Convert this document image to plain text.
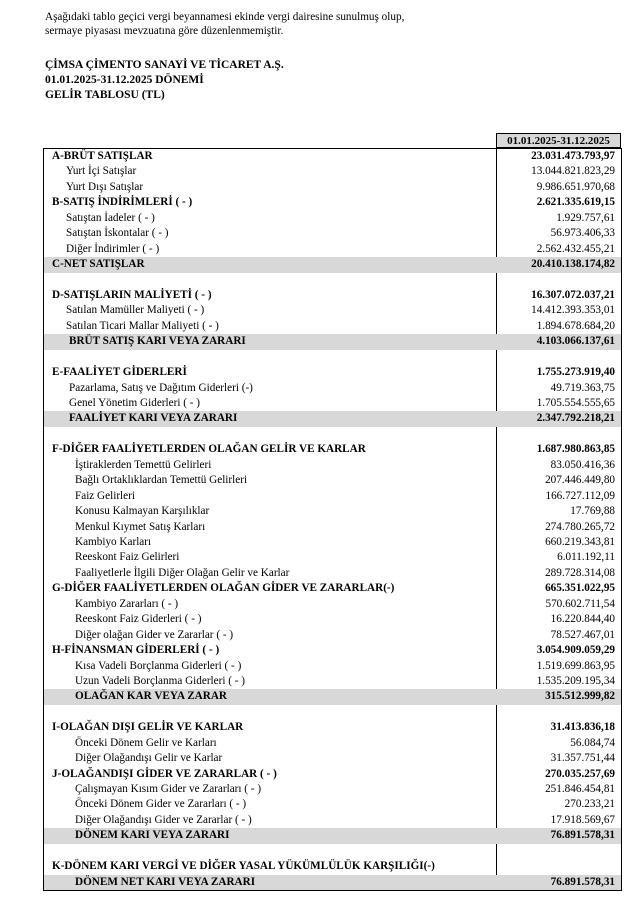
Aşağıdaki tablo geçici vergi beyannamesi ekinde vergi dairesine sunulmuş olup,
sermaye piyasası mevzuatına göre düzenlenmemiştir.
ÇİMSA ÇİMENTO SANAYİ VE TİCARET A.Ş.
01.01.2025-31.12.2025 DÖNEMİ
GELİR TABLOSU (TL)
01.01.2025-31.12.2025
A-BRÜT SATIŞLAR	23.031.473.793,97
Yurt İçi Satışlar	13.044.821.823,29
Yurt Dışı Satışlar	9.986.651.970,68
B-SATIŞ İNDİRİMLERİ ( - )	2.621.335.619,15
Satıştan İadeler ( - )	1.929.757,61
Satıştan İskontalar ( - )	56.973.406,33
Diğer İndirimler ( - )	2.562.432.455,21
C-NET SATIŞLAR	20.410.138.174,82
D-SATIŞLARIN MALİYETİ ( - )	16.307.072.037,21
Satılan Mamüller Maliyeti ( - )	14.412.393.353,01
Satılan Ticari Mallar Maliyeti ( - )	1.894.678.684,20
BRÜT SATIŞ KARI VEYA ZARARI	4.103.066.137,61
E-FAALİYET GİDERLERİ	1.755.273.919,40
Pazarlama, Satış ve Dağıtım Giderleri (-)	49.719.363,75
Genel Yönetim Giderleri ( - )	1.705.554.555,65
FAALİYET KARI VEYA ZARARI	2.347.792.218,21
F-DİĞER FAALİYETLERDEN OLAĞAN GELİR VE KARLAR	1.687.980.863,85
İştiraklerden Temettü Gelirleri	83.050.416,36
Bağlı Ortaklıklardan Temettü Gelirleri	207.446.449,80
Faiz Gelirleri	166.727.112,09
Konusu Kalmayan Karşılıklar	17.769,88
Menkul Kıymet Satış Karları	274.780.265,72
Kambiyo Karları	660.219.343,81
Reeskont Faiz Gelirleri	6.011.192,11
Faaliyetlerle İlgili Diğer Olağan Gelir ve Karlar	289.728.314,08
G-DİĞER FAALİYETLERDEN OLAĞAN GİDER VE ZARARLAR(-)	665.351.022,95
Kambiyo Zararları ( - )	570.602.711,54
Reeskont Faiz Giderleri ( - )	16.220.844,40
Diğer olağan Gider ve Zararlar ( - )	78.527.467,01
H-FİNANSMAN GİDERLERİ ( - )	3.054.909.059,29
Kısa Vadeli Borçlanma Giderleri ( - )	1.519.699.863,95
Uzun Vadeli Borçlanma Giderleri ( - )	1.535.209.195,34
OLAĞAN KAR VEYA ZARAR	315.512.999,82
I-OLAĞAN DIŞI GELİR VE KARLAR	31.413.836,18
Önceki Dönem Gelir ve Karları	56.084,74
Diğer Olağandışı Gelir ve Karlar	31.357.751,44
J-OLAĞANDIŞI GİDER VE ZARARLAR ( - )	270.035.257,69
Çalışmayan Kısım Gider ve Zararları ( - )	251.846.454,81
Önceki Dönem Gider ve Zararları ( - )	270.233,21
Diğer Olağandışı Gider ve Zararlar ( - )	17.918.569,67
DÖNEM KARI VEYA ZARARI	76.891.578,31
K-DÖNEM KARI VERGİ VE DİĞER YASAL YÜKÜMLÜLÜK KARŞILIĞI(-)
DÖNEM NET KARI VEYA ZARARI	76.891.578,31
